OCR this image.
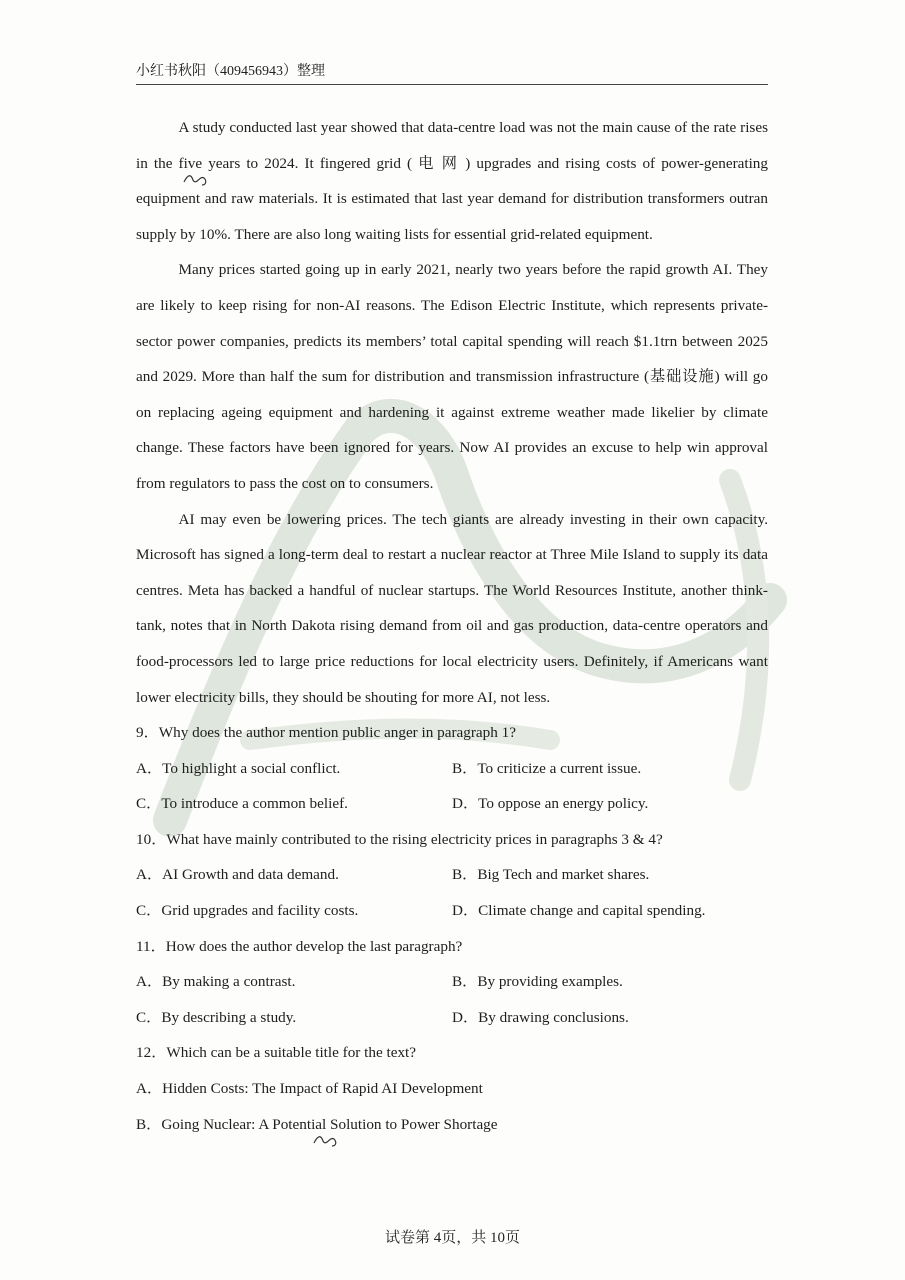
小红书秋阳（409456943）整理

A study conducted last year showed that data-centre load was not the main cause of the rate rises in the five years to 2024. It fingered grid ( 电 网 ) upgrades and rising costs of power-generating equipment and raw materials. It is estimated that last year demand for distribution transformers outran supply by 10%. There are also long waiting lists for essential grid-related equipment.

Many prices started going up in early 2021, nearly two years before the rapid growth AI. They are likely to keep rising for non-AI reasons. The Edison Electric Institute, which represents private-sector power companies, predicts its members’ total capital spending will reach $1.1trn between 2025 and 2029. More than half the sum for distribution and transmission infrastructure (基础设施) will go on replacing ageing equipment and hardening it against extreme weather made likelier by climate change. These factors have been ignored for years. Now AI provides an excuse to help win approval from regulators to pass the cost on to consumers.

AI may even be lowering prices. The tech giants are already investing in their own capacity. Microsoft has signed a long-term deal to restart a nuclear reactor at Three Mile Island to supply its data centres. Meta has backed a handful of nuclear startups. The World Resources Institute, another think-tank, notes that in North Dakota rising demand from oil and gas production, data-centre operators and food-processors led to large price reductions for local electricity users. Definitely, if Americans want lower electricity bills, they should be shouting for more AI, not less.

9．Why does the author mention public anger in paragraph 1?
A．To highlight a social conflict.	B．To criticize a current issue.
C．To introduce a common belief.	D．To oppose an energy policy.
10．What have mainly contributed to the rising electricity prices in paragraphs 3 & 4?
A．AI Growth and data demand.	B．Big Tech and market shares.
C．Grid upgrades and facility costs.	D．Climate change and capital spending.
11．How does the author develop the last paragraph?
A．By making a contrast.	B．By providing examples.
C．By describing a study.	D．By drawing conclusions.
12．Which can be a suitable title for the text?
A．Hidden Costs: The Impact of Rapid AI Development
B．Going Nuclear: A Potential Solution to Power Shortage
试卷第 4页，共 10页
